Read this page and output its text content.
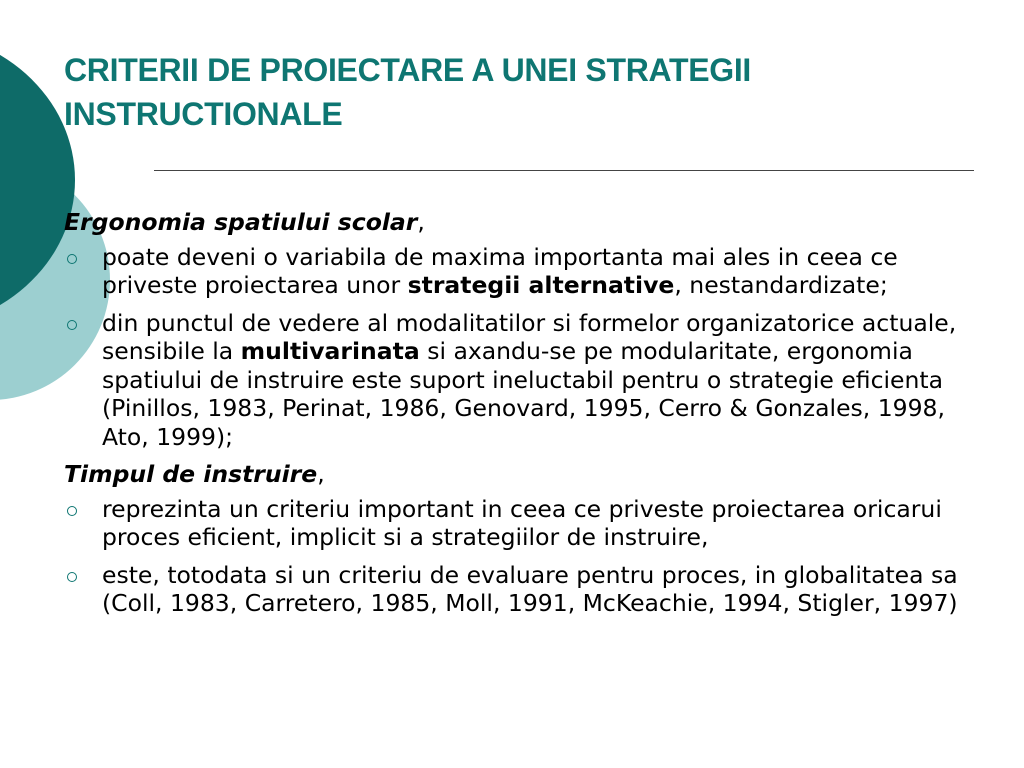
CRITERII DE PROIECTARE A UNEI STRATEGII
INSTRUCTIONALE

Ergonomia spatiului scolar,

poate deveni o variabila de maxima importanta mai ales in ceea ce priveste proiectarea unor strategii alternative, nestandardizate;
din punctul de vedere al modalitatilor si formelor organizatorice actuale, sensibile la multivarinata si axandu-se pe modularitate, ergonomia spatiului de instruire este suport ineluctabil pentru o strategie eficienta (Pinillos, 1983, Perinat, 1986, Genovard, 1995, Cerro & Gonzales, 1998, Ato, 1999);

Timpul de instruire,

reprezinta un criteriu important in ceea ce priveste proiectarea oricarui proces eficient, implicit si a strategiilor de instruire,
este, totodata si un criteriu de evaluare pentru proces, in globalitatea sa (Coll, 1983, Carretero, 1985, Moll, 1991, McKeachie, 1994, Stigler, 1997)
